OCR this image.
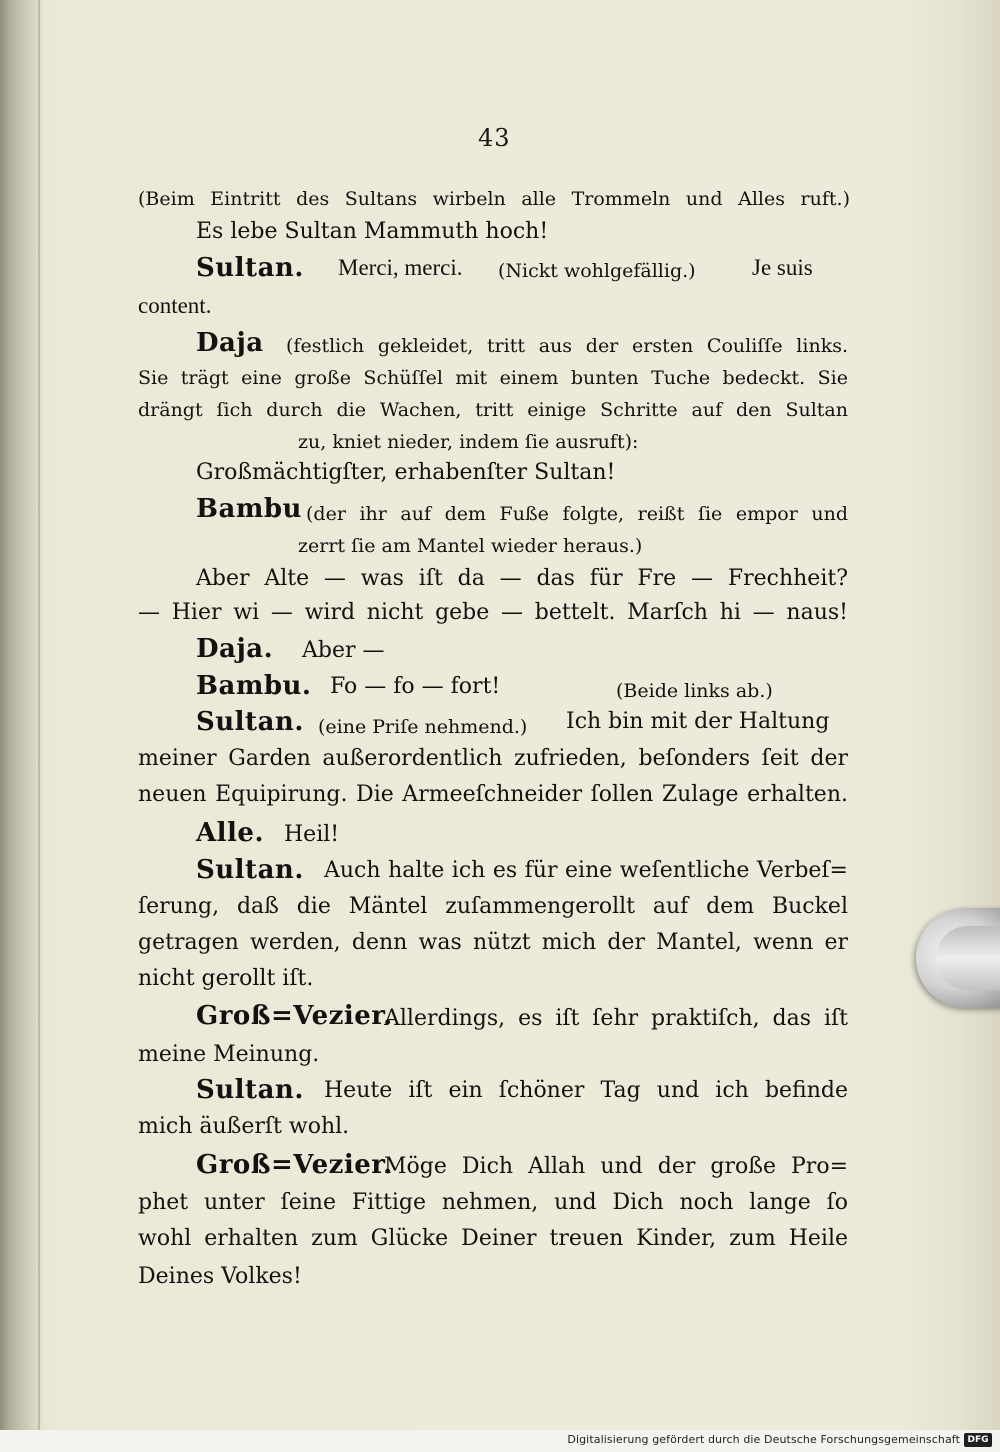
43
(Beim Eintritt des Sultans wirbeln alle Trommeln und Alles ruft.)
Es lebe Sultan Mammuth hoch!
Sultan. Merci, merci. (Nickt wohlgefällig.) Je suis
content.
Daja (festlich gekleidet, tritt aus der ersten Couliſſe links.
Sie trägt eine große Schüſſel mit einem bunten Tuche bedeckt. Sie
drängt ſich durch die Wachen, tritt einige Schritte auf den Sultan
zu, kniet nieder, indem ſie ausruft):
Großmächtigſter, erhabenſter Sultan!
Bambu (der ihr auf dem Fuße folgte, reißt ſie empor und
zerrt ſie am Mantel wieder heraus.)
Aber Alte — was iſt da — das für Fre — Frechheit?
— Hier wi — wird nicht gebe — bettelt. Marſch hi — naus!
Daja. Aber —
Bambu. Fo — fo — fort!	(Beide links ab.)
Sultan. (eine Priſe nehmend.) Ich bin mit der Haltung
meiner Garden außerordentlich zufrieden, beſonders ſeit der
neuen Equipirung. Die Armeeſchneider ſollen Zulage erhalten.
Alle. Heil!
Sultan. Auch halte ich es für eine weſentliche Verbeſ=
ſerung, daß die Mäntel zuſammengerollt auf dem Buckel
getragen werden, denn was nützt mich der Mantel, wenn er
nicht gerollt iſt.
Groß=Vezier.
Allerdings, es iſt ſehr praktiſch, das iſt
meine Meinung.
Sultan. Heute iſt ein ſchöner Tag und ich befinde
mich äußerſt wohl.
Groß=Vezier.
Möge Dich Allah und der große Pro=
phet unter ſeine Fittige nehmen, und Dich noch lange ſo
wohl erhalten zum Glücke Deiner treuen Kinder, zum Heile
Deines Volkes!
Digitalisierung gefördert durch die Deutsche Forschungsgemeinschaft DFG
